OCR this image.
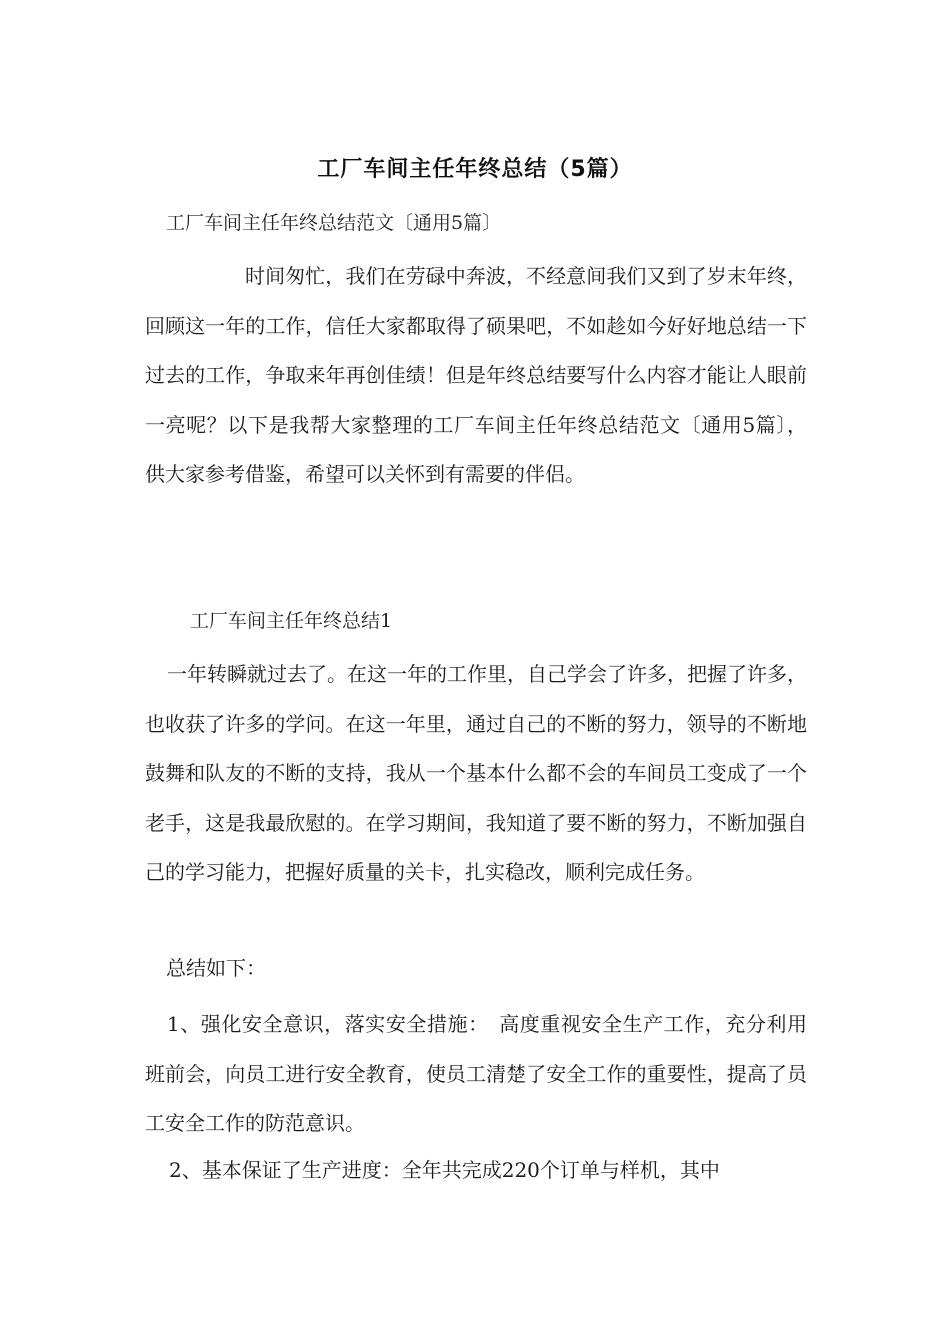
工厂车间主任年终总结（5篇）
工厂车间主任年终总结范文〔通用5篇〕

时间匆忙，我们在劳碌中奔波，不经意间我们又到了岁末年终，回顾这一年的工作，信任大家都取得了硕果吧，不如趁如今好好地总结一下过去的工作，争取来年再创佳绩！但是年终总结要写什么内容才能让人眼前一亮呢？以下是我帮大家整理的工厂车间主任年终总结范文〔通用5篇〕，供大家参考借鉴，希望可以关怀到有需要的伴侣。

工厂车间主任年终总结1

一年转瞬就过去了。在这一年的工作里，自己学会了许多，把握了许多，也收获了许多的学问。在这一年里，通过自己的不断的努力，领导的不断地鼓舞和队友的不断的支持，我从一个基本什么都不会的车间员工变成了一个老手，这是我最欣慰的。在学习期间，我知道了要不断的努力，不断加强自己的学习能力，把握好质量的关卡，扎实稳改，顺利完成任务。

总结如下：

1、强化安全意识，落实安全措施：　高度重视安全生产工作，充分利用班前会，向员工进行安全教育，使员工清楚了安全工作的重要性，提高了员工安全工作的防范意识。

2、基本保证了生产进度：全年共完成220个订单与样机，其中
